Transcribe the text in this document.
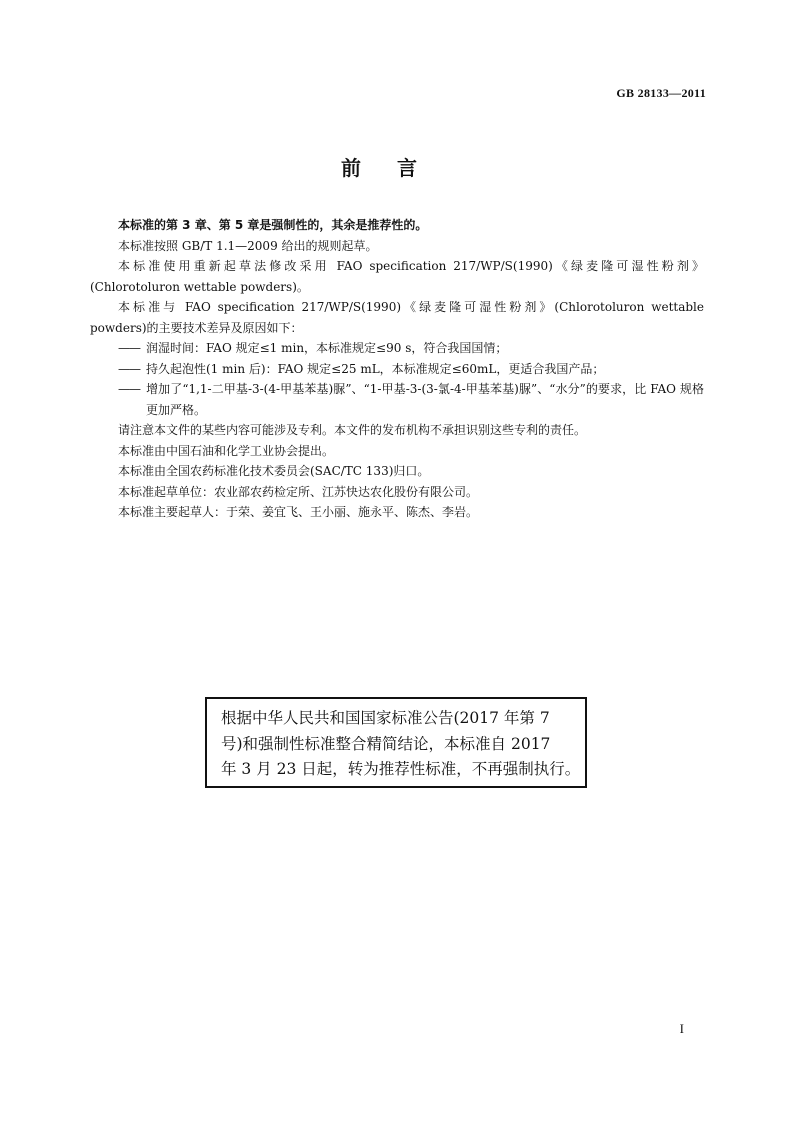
GB 28133—2011
前言

本标准的第 3 章、第 5 章是强制性的，其余是推荐性的。

本标准按照 GB/T 1.1—2009 给出的规则起草。

本标准使用重新起草法修改采用 FAO specification 217/WP/S(1990)《绿麦隆可湿性粉剂》(Chlorotoluron wettable powders)。

本标准与 FAO specification 217/WP/S(1990)《绿麦隆可湿性粉剂》(Chlorotoluron wettable powders)的主要技术差异及原因如下：

—— 润湿时间：FAO 规定≤1 min，本标准规定≤90 s，符合我国国情；

—— 持久起泡性(1 min 后)：FAO 规定≤25 mL，本标准规定≤60mL，更适合我国产品；

—— 增加了“1,1-二甲基-3-(4-甲基苯基)脲”、“1-甲基-3-(3-氯-4-甲基苯基)脲”、“水分”的要求，比 FAO 规格更加严格。

请注意本文件的某些内容可能涉及专利。本文件的发布机构不承担识别这些专利的责任。

本标准由中国石油和化学工业协会提出。

本标准由全国农药标准化技术委员会(SAC/TC 133)归口。

本标准起草单位：农业部农药检定所、江苏快达农化股份有限公司。

本标准主要起草人：于荣、姜宜飞、王小丽、施永平、陈杰、李岩。

根据中华人民共和国国家标准公告(2017 年第 7
号)和强制性标准整合精简结论，本标准自 2017
年 3 月 23 日起，转为推荐性标准，不再强制执行。
I
